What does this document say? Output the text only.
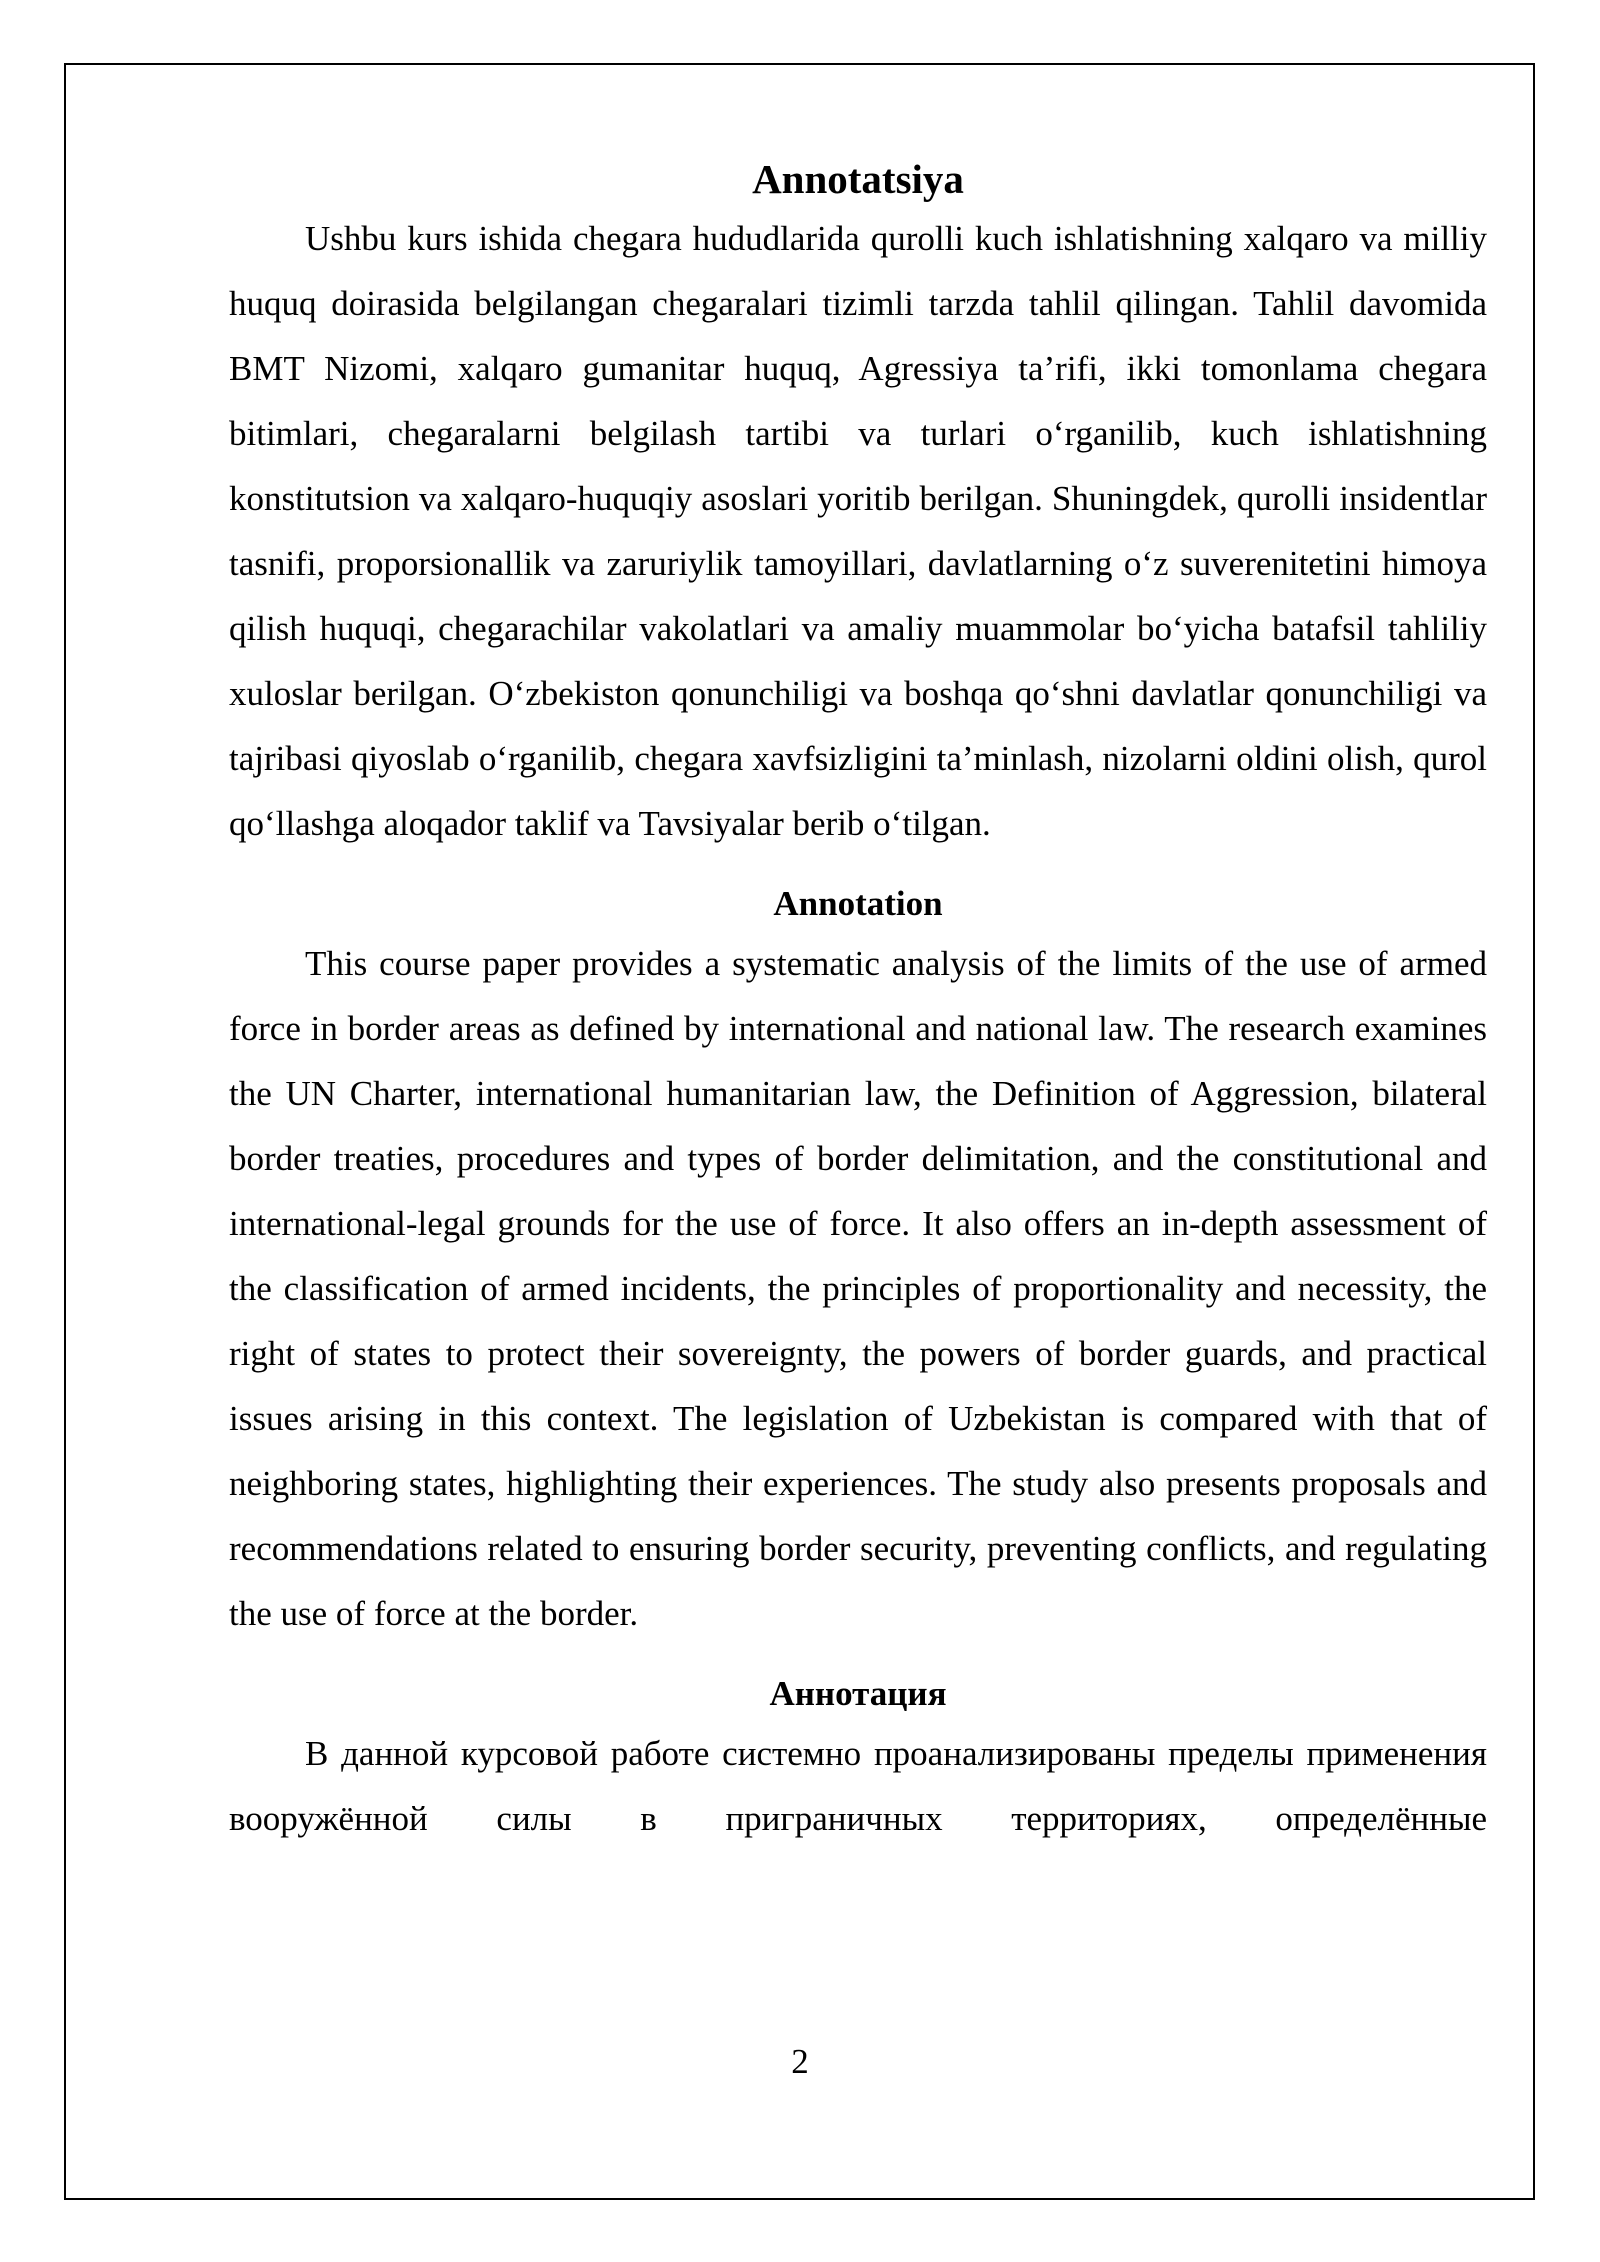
Annotatsiya

Ushbu kurs ishida chegara hududlarida qurolli kuch ishlatishning xalqaro va milliy huquq doirasida belgilangan chegaralari tizimli tarzda tahlil qilingan. Tahlil davomida BMT Nizomi, xalqaro gumanitar huquq, Agressiya ta’rifi, ikki tomonlama chegara bitimlari, chegaralarni belgilash tartibi va turlari o‘rganilib, kuch ishlatishning konstitutsion va xalqaro-huquqiy asoslari yoritib berilgan. Shuningdek, qurolli insidentlar tasnifi, proporsionallik va zaruriylik tamoyillari, davlatlarning o‘z suverenitetini himoya qilish huquqi, chegarachilar vakolatlari va amaliy muammolar bo‘yicha batafsil tahliliy xuloslar berilgan. O‘zbekiston qonunchiligi va boshqa qo‘shni davlatlar qonunchiligi va tajribasi qiyoslab o‘rganilib, chegara xavfsizligini ta’minlash, nizolarni oldini olish, qurol qo‘llashga aloqador taklif va Tavsiyalar berib o‘tilgan.

Annotation

This course paper provides a systematic analysis of the limits of the use of armed force in border areas as defined by international and national law. The research examines the UN Charter, international humanitarian law, the Definition of Aggression, bilateral border treaties, procedures and types of border delimitation, and the constitutional and international-legal grounds for the use of force. It also offers an in-depth assessment of the classification of armed incidents, the principles of proportionality and necessity, the right of states to protect their sovereignty, the powers of border guards, and practical issues arising in this context. The legislation of Uzbekistan is compared with that of neighboring states, highlighting their experiences. The study also presents proposals and recommendations related to ensuring border security, preventing conflicts, and regulating the use of force at the border.

Аннотация

В данной курсовой работе системно проанализированы пределы применения вооружённой силы в приграничных территориях, определённые

2
